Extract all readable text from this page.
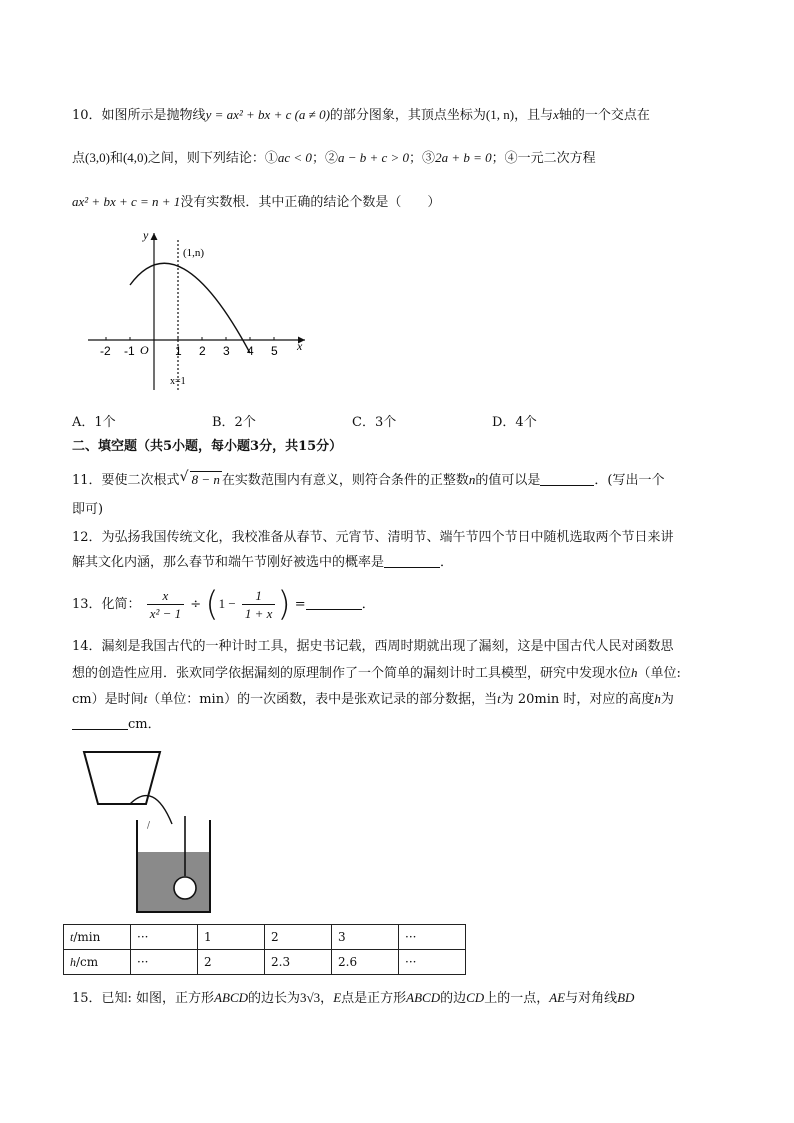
10．如图所示是抛物线y = ax² + bx + c (a ≠ 0)的部分图象，其顶点坐标为(1, n)，且与x轴的一个交点在
点(3,0)和(4,0)之间，则下列结论：①ac < 0；②a − b + c > 0；③2a + b = 0；④一元二次方程
ax² + bx + c = n + 1没有实数根．其中正确的结论个数是（　　）
y
x
O
(1,n)
x=1
-2 -1	1 2 3 4 5
A．1个	B．2个	C．3个	D．4个
二、填空题（共5小题，每小题3分，共15分）
11．要使二次根式 √ 8 − n 在实数范围内有意义，则符合条件的正整数n的值可以是	．(写出一个
即可)
12．为弘扬我国传统文化，我校准备从春节、元宵节、清明节、端午节四个节日中随机选取两个节日来讲
解其文化内涵，那么春节和端午节刚好被选中的概率是	．
13．化简： $\frac{x}{\text{x² − 1}} \div (1 - \frac{1}{1 + x}$ ) =	．
14．漏刻是我国古代的一种计时工具，据史书记载，西周时期就出现了漏刻，这是中国古代人民对函数思
想的创造性应用．张欢同学依据漏刻的原理制作了一个简单的漏刻计时工具模型，研究中发现水位h（单位:
cm）是时间t（单位：min）的一次函数，表中是张欢记录的部分数据，当t为 20min 时，对应的高度h为
cm．
/
t/min	···	1	2	3	···
h/cm	···	2	2.3	2.6	···
15．已知: 如图，正方形ABCD的边长为3√3，E点是正方形ABCD的边CD上的一点，AE与对角线BD
